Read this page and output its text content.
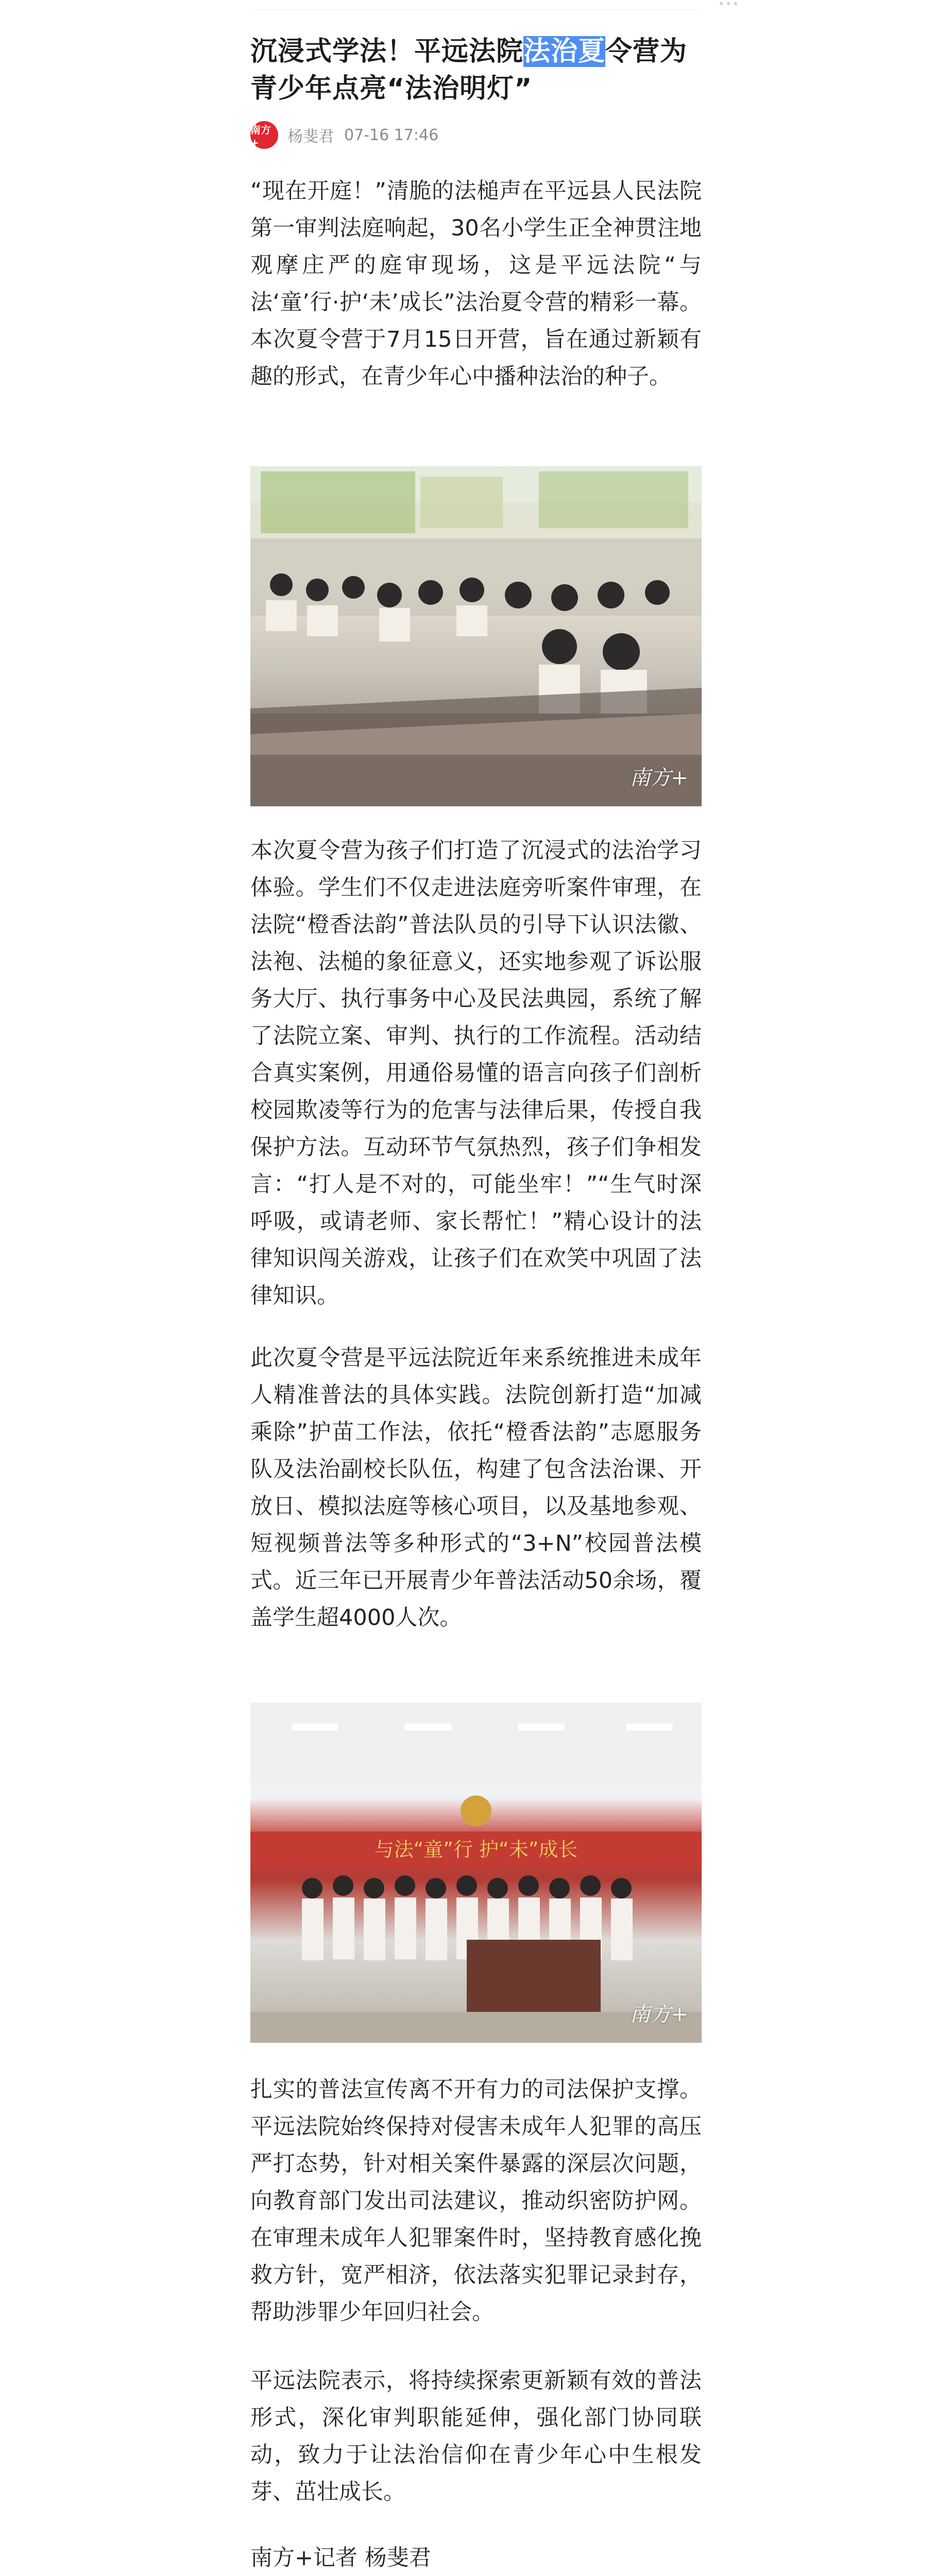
沉浸式学法！平远法院法治夏令营为青少年点亮“法治明灯”
南方+	杨斐君 07-16 17:46

“现在开庭！”清脆的法槌声在平远县人民法院第一审判法庭响起，30名小学生正全神贯注地观摩庄严的庭审现场，这是平远法院“与法‘童’行·护‘未’成长”法治夏令营的精彩一幕。本次夏令营于7月15日开营，旨在通过新颖有趣的形式，在青少年心中播种法治的种子。

南方+

本次夏令营为孩子们打造了沉浸式的法治学习体验。学生们不仅走进法庭旁听案件审理，在法院“橙香法韵”普法队员的引导下认识法徽、法袍、法槌的象征意义，还实地参观了诉讼服务大厅、执行事务中心及民法典园，系统了解了法院立案、审判、执行的工作流程。活动结合真实案例，用通俗易懂的语言向孩子们剖析校园欺凌等行为的危害与法律后果，传授自我保护方法。互动环节气氛热烈，孩子们争相发言：“打人是不对的，可能坐牢！”“生气时深呼吸，或请老师、家长帮忙！”精心设计的法律知识闯关游戏，让孩子们在欢笑中巩固了法律知识。

此次夏令营是平远法院近年来系统推进未成年人精准普法的具体实践。法院创新打造“加减乘除”护苗工作法，依托“橙香法韵”志愿服务队及法治副校长队伍，构建了包含法治课、开放日、模拟法庭等核心项目，以及基地参观、短视频普法等多种形式的“3+N”校园普法模式。近三年已开展青少年普法活动50余场，覆盖学生超4000人次。

与法“童”行 护“未”成长
南方+

扎实的普法宣传离不开有力的司法保护支撑。平远法院始终保持对侵害未成年人犯罪的高压严打态势，针对相关案件暴露的深层次问题，向教育部门发出司法建议，推动织密防护网。在审理未成年人犯罪案件时，坚持教育感化挽救方针，宽严相济，依法落实犯罪记录封存，帮助涉罪少年回归社会。

平远法院表示，将持续探索更新颖有效的普法形式，深化审判职能延伸，强化部门协同联动，致力于让法治信仰在青少年心中生根发芽、茁壮成长。

南方+记者 杨斐君
